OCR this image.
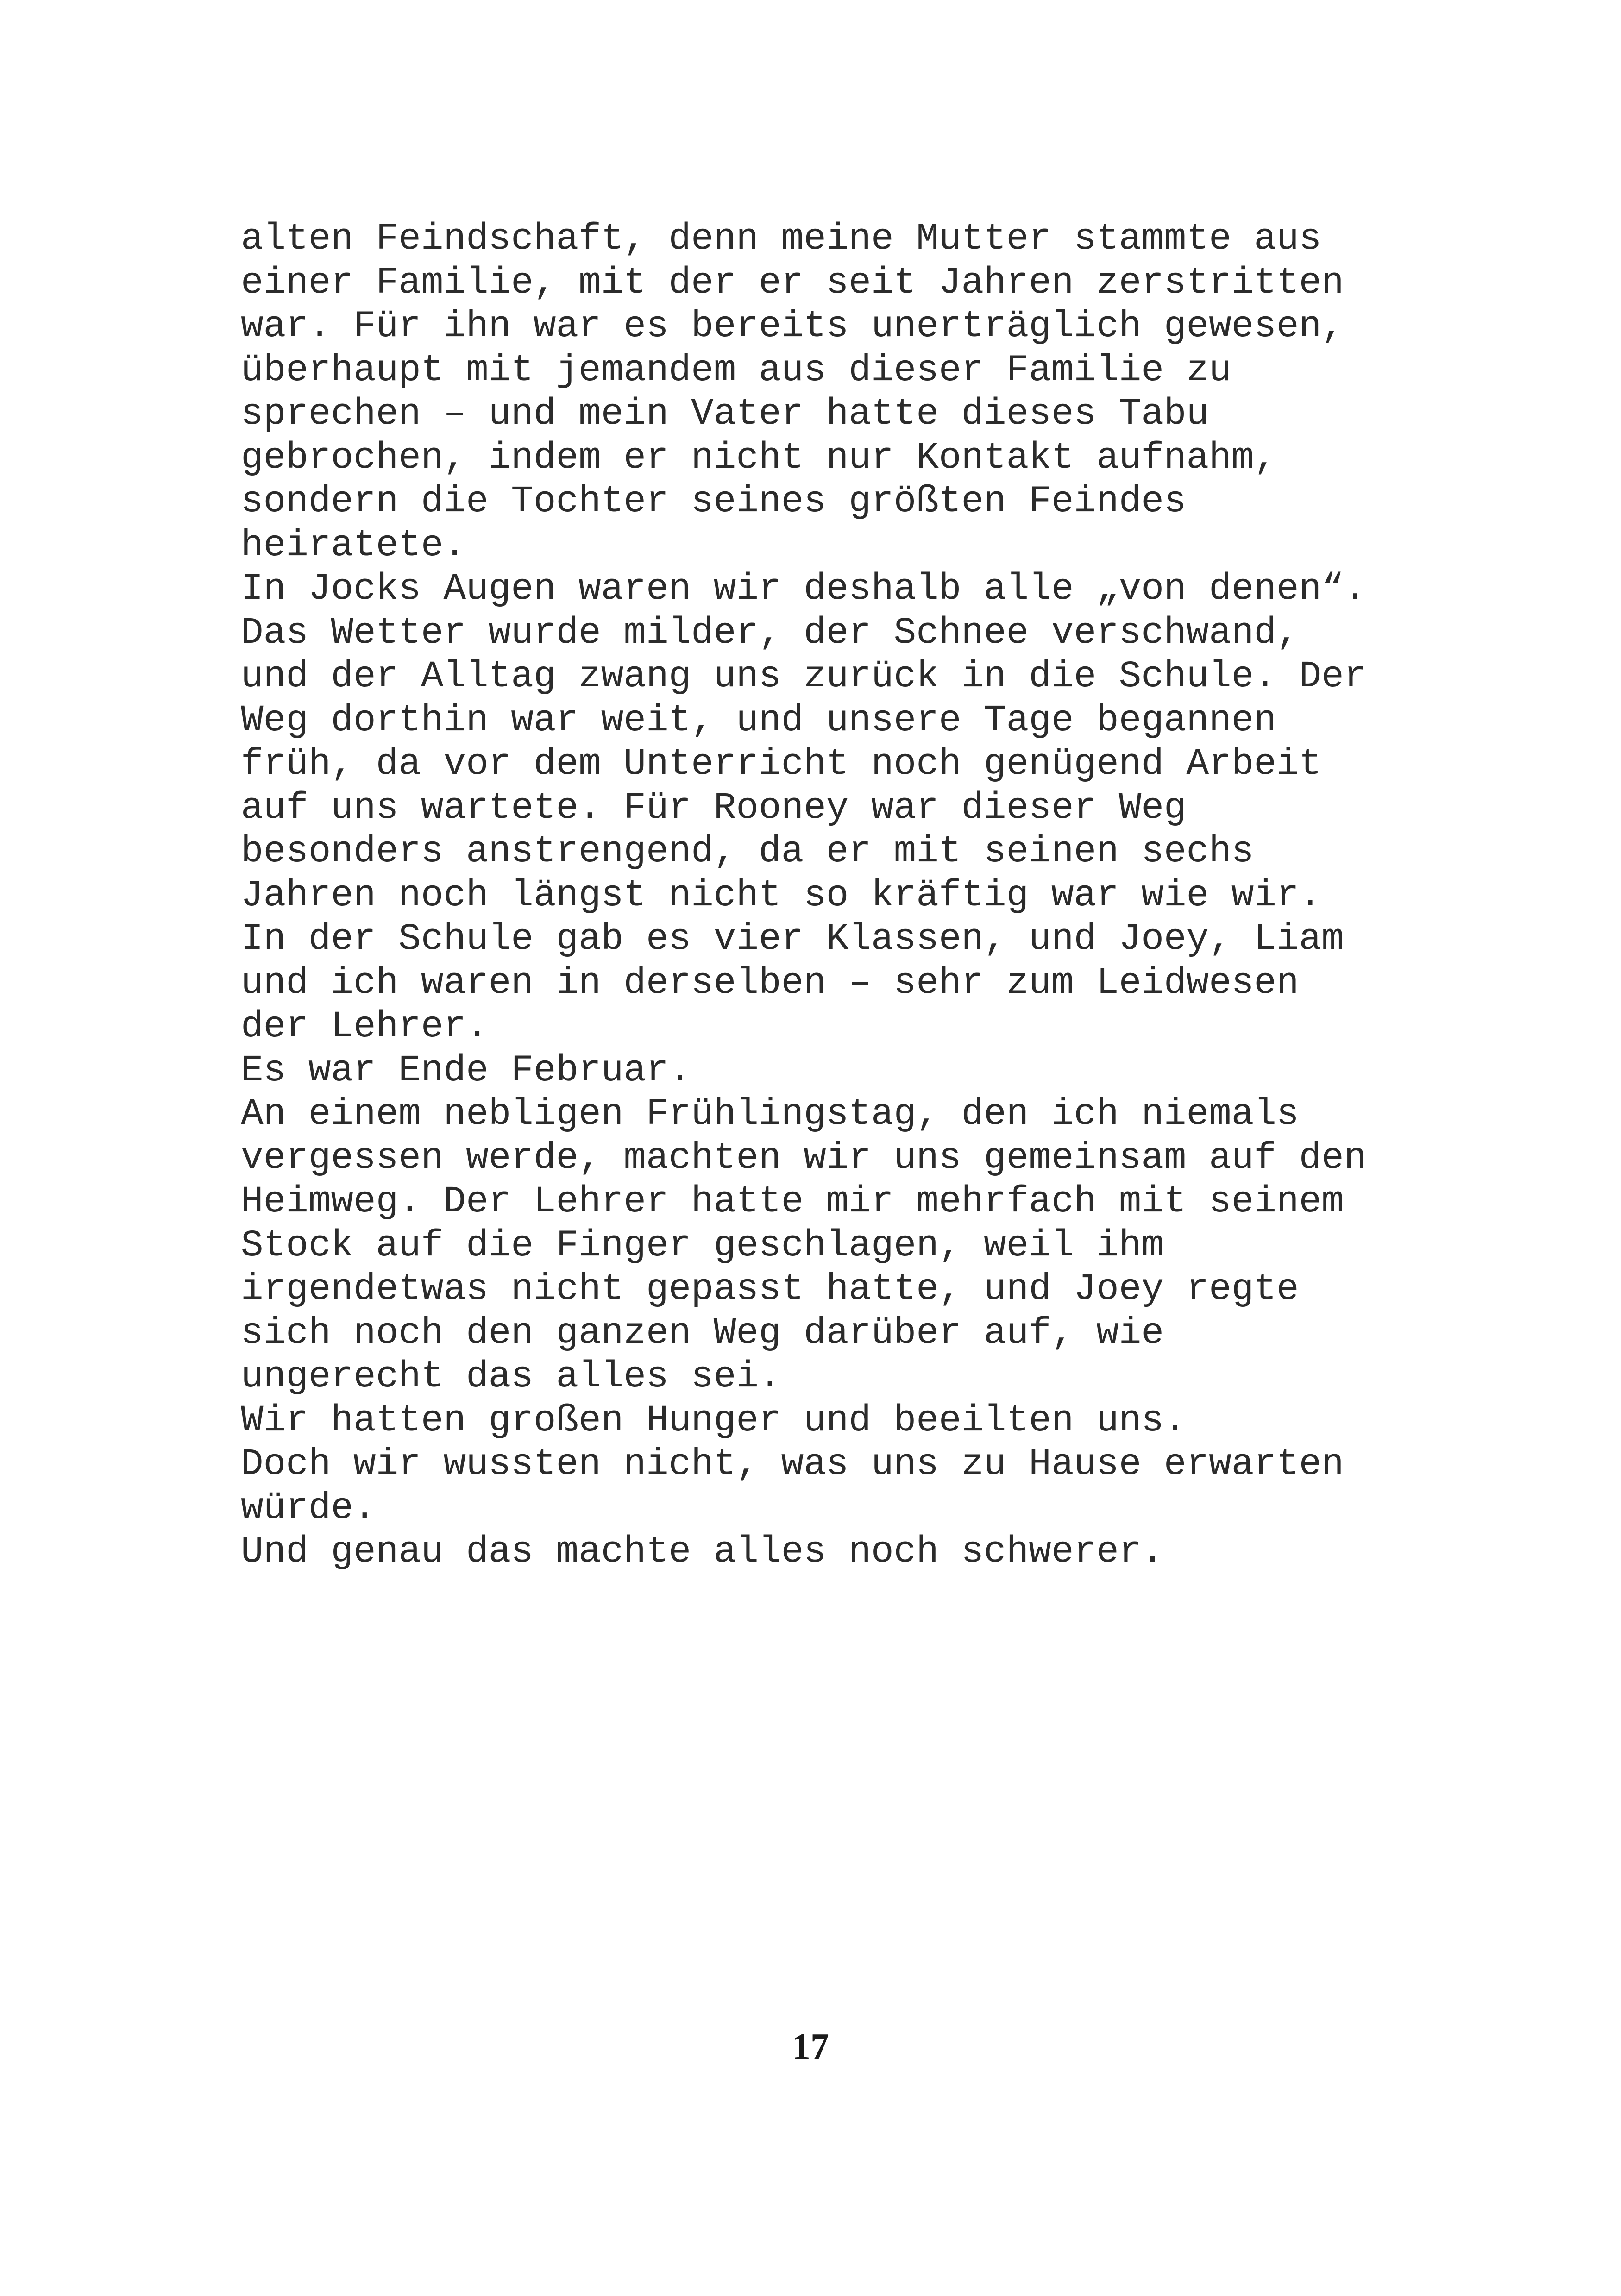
alten Feindschaft, denn meine Mutter stammte aus
einer Familie, mit der er seit Jahren zerstritten
war. Für ihn war es bereits unerträglich gewesen,
überhaupt mit jemandem aus dieser Familie zu
sprechen – und mein Vater hatte dieses Tabu
gebrochen, indem er nicht nur Kontakt aufnahm,
sondern die Tochter seines größten Feindes
heiratete.
In Jocks Augen waren wir deshalb alle „von denen“.
Das Wetter wurde milder, der Schnee verschwand,
und der Alltag zwang uns zurück in die Schule. Der
Weg dorthin war weit, und unsere Tage begannen
früh, da vor dem Unterricht noch genügend Arbeit
auf uns wartete. Für Rooney war dieser Weg
besonders anstrengend, da er mit seinen sechs
Jahren noch längst nicht so kräftig war wie wir.
In der Schule gab es vier Klassen, und Joey, Liam
und ich waren in derselben – sehr zum Leidwesen
der Lehrer.
Es war Ende Februar.
An einem nebligen Frühlingstag, den ich niemals
vergessen werde, machten wir uns gemeinsam auf den
Heimweg. Der Lehrer hatte mir mehrfach mit seinem
Stock auf die Finger geschlagen, weil ihm
irgendetwas nicht gepasst hatte, und Joey regte
sich noch den ganzen Weg darüber auf, wie
ungerecht das alles sei.
Wir hatten großen Hunger und beeilten uns.
Doch wir wussten nicht, was uns zu Hause erwarten
würde.
Und genau das machte alles noch schwerer.
17
